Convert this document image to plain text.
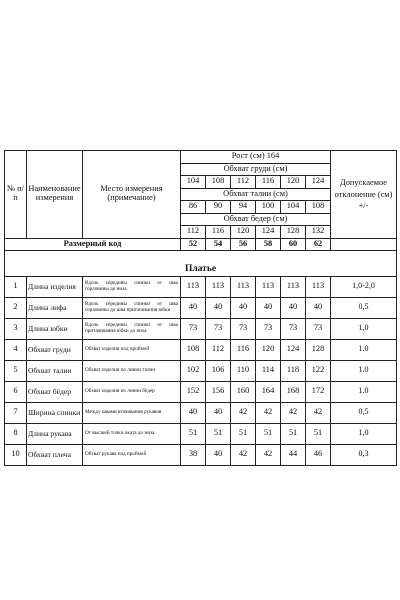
№ п/п	Наименование измерения	Место измерения (примечание)	Рост (см) 164						Допускаемое отклонение (см) +/-
			Обхват груди (см)						
			104	108	112	116	120	124	
			Обхват талии (см)						
			86	90	94	100	104	108	
			Обхват бедер (см)						
			112	116	120	124	128	132	
Размерный код			52	54	56	58	60	62	
Платье									
1	Длина изделия	Вдоль середины спинки от шва горловины до низа	113	113	113	113	113	113	1,0-2,0
2	Длина лифа	Вдоль середины спинки от шва горловины до шва притачивания юбки	40	40	40	40	40	40	0,5
3	Длина юбки	Вдоль середины спинки от шва притачивания юбки до низа	73	73	73	73	73	73	1,0
4	Обхват груди	Обхват изделия под проймой	108	112	116	120	124	128	1.0
5	Обхват талии	Обхват изделия по линии талии	102	106	110	114	118	122	1.0
6	Обхват бёдер	Обхват изделия по линии бёдер	152	156	160	164	168	172	1.0
7	Ширина спинки	Между швами втачивания рукавов	40	40	42	42	42	42	0,5
8	Длина рукава	От высшей точки оката до низа	51	51	51	51	51	51	1,0
10	Обхват плеча	Обхват рукава под проймой	38	40	42	42	44	46	0,3
